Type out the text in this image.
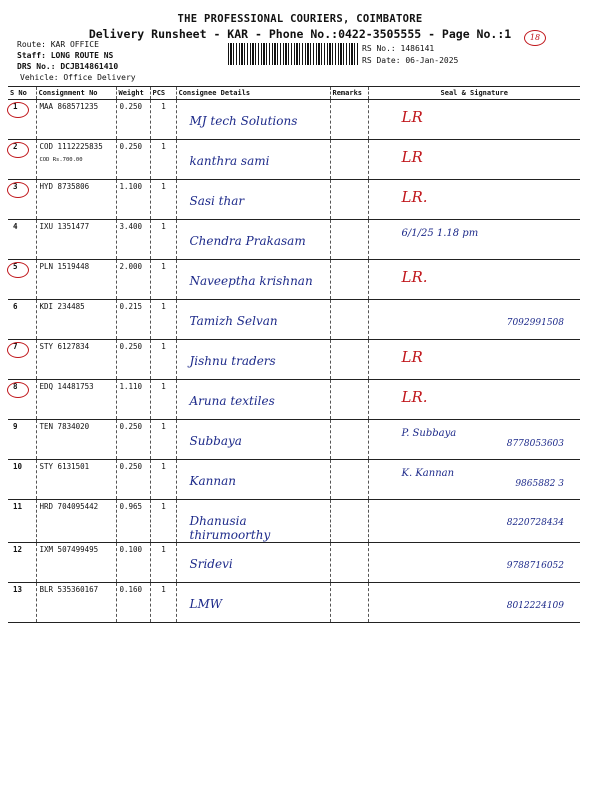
THE PROFESSIONAL COURIERS, COIMBATORE
Delivery Runsheet - KAR - Phone No.:0422-3505555 - Page No.:1	18
Route: KAR OFFICE
Staff: LONG ROUTE NS
DRS No.: DCJB14861410
Vehicle: Office Delivery
RS No.: 1486141
RS Date: 06-Jan-2025
S No	Consignment No	Weight	PCS	Consignee Details	Remarks	Seal & Signature

1	MAA 868571235	0.250	1	MJ tech Solutions		LR

2	COD 1112225835
COD Rs.700.00	0.250	1	kanthra sami		LR

3	HYD 8735806	1.100	1	Sasi thar		LR.

4	IXU 1351477	3.400	1	Chendra Prakasam		6/1/25 1.18 pm

5	PLN 1519448	2.000	1	Naveeptha krishnan		LR.

6	KDI 234485	0.215	1	Tamizh Selvan		7092991508

7	STY 6127834	0.250	1	Jishnu traders		LR

8	EDQ 14481753	1.110	1	Aruna textiles		LR.

9	TEN 7834020	0.250	1	Subbaya		P. Subbaya
8778053603

10	STY 6131501	0.250	1	Kannan		K. Kannan
9865882 3

11	HRD 704095442	0.965	1	Dhanusia thirumoorthy		8220728434

12	IXM 507499495	0.100	1	Sridevi		9788716052

13	BLR 535360167	0.160	1	LMW		8012224109
